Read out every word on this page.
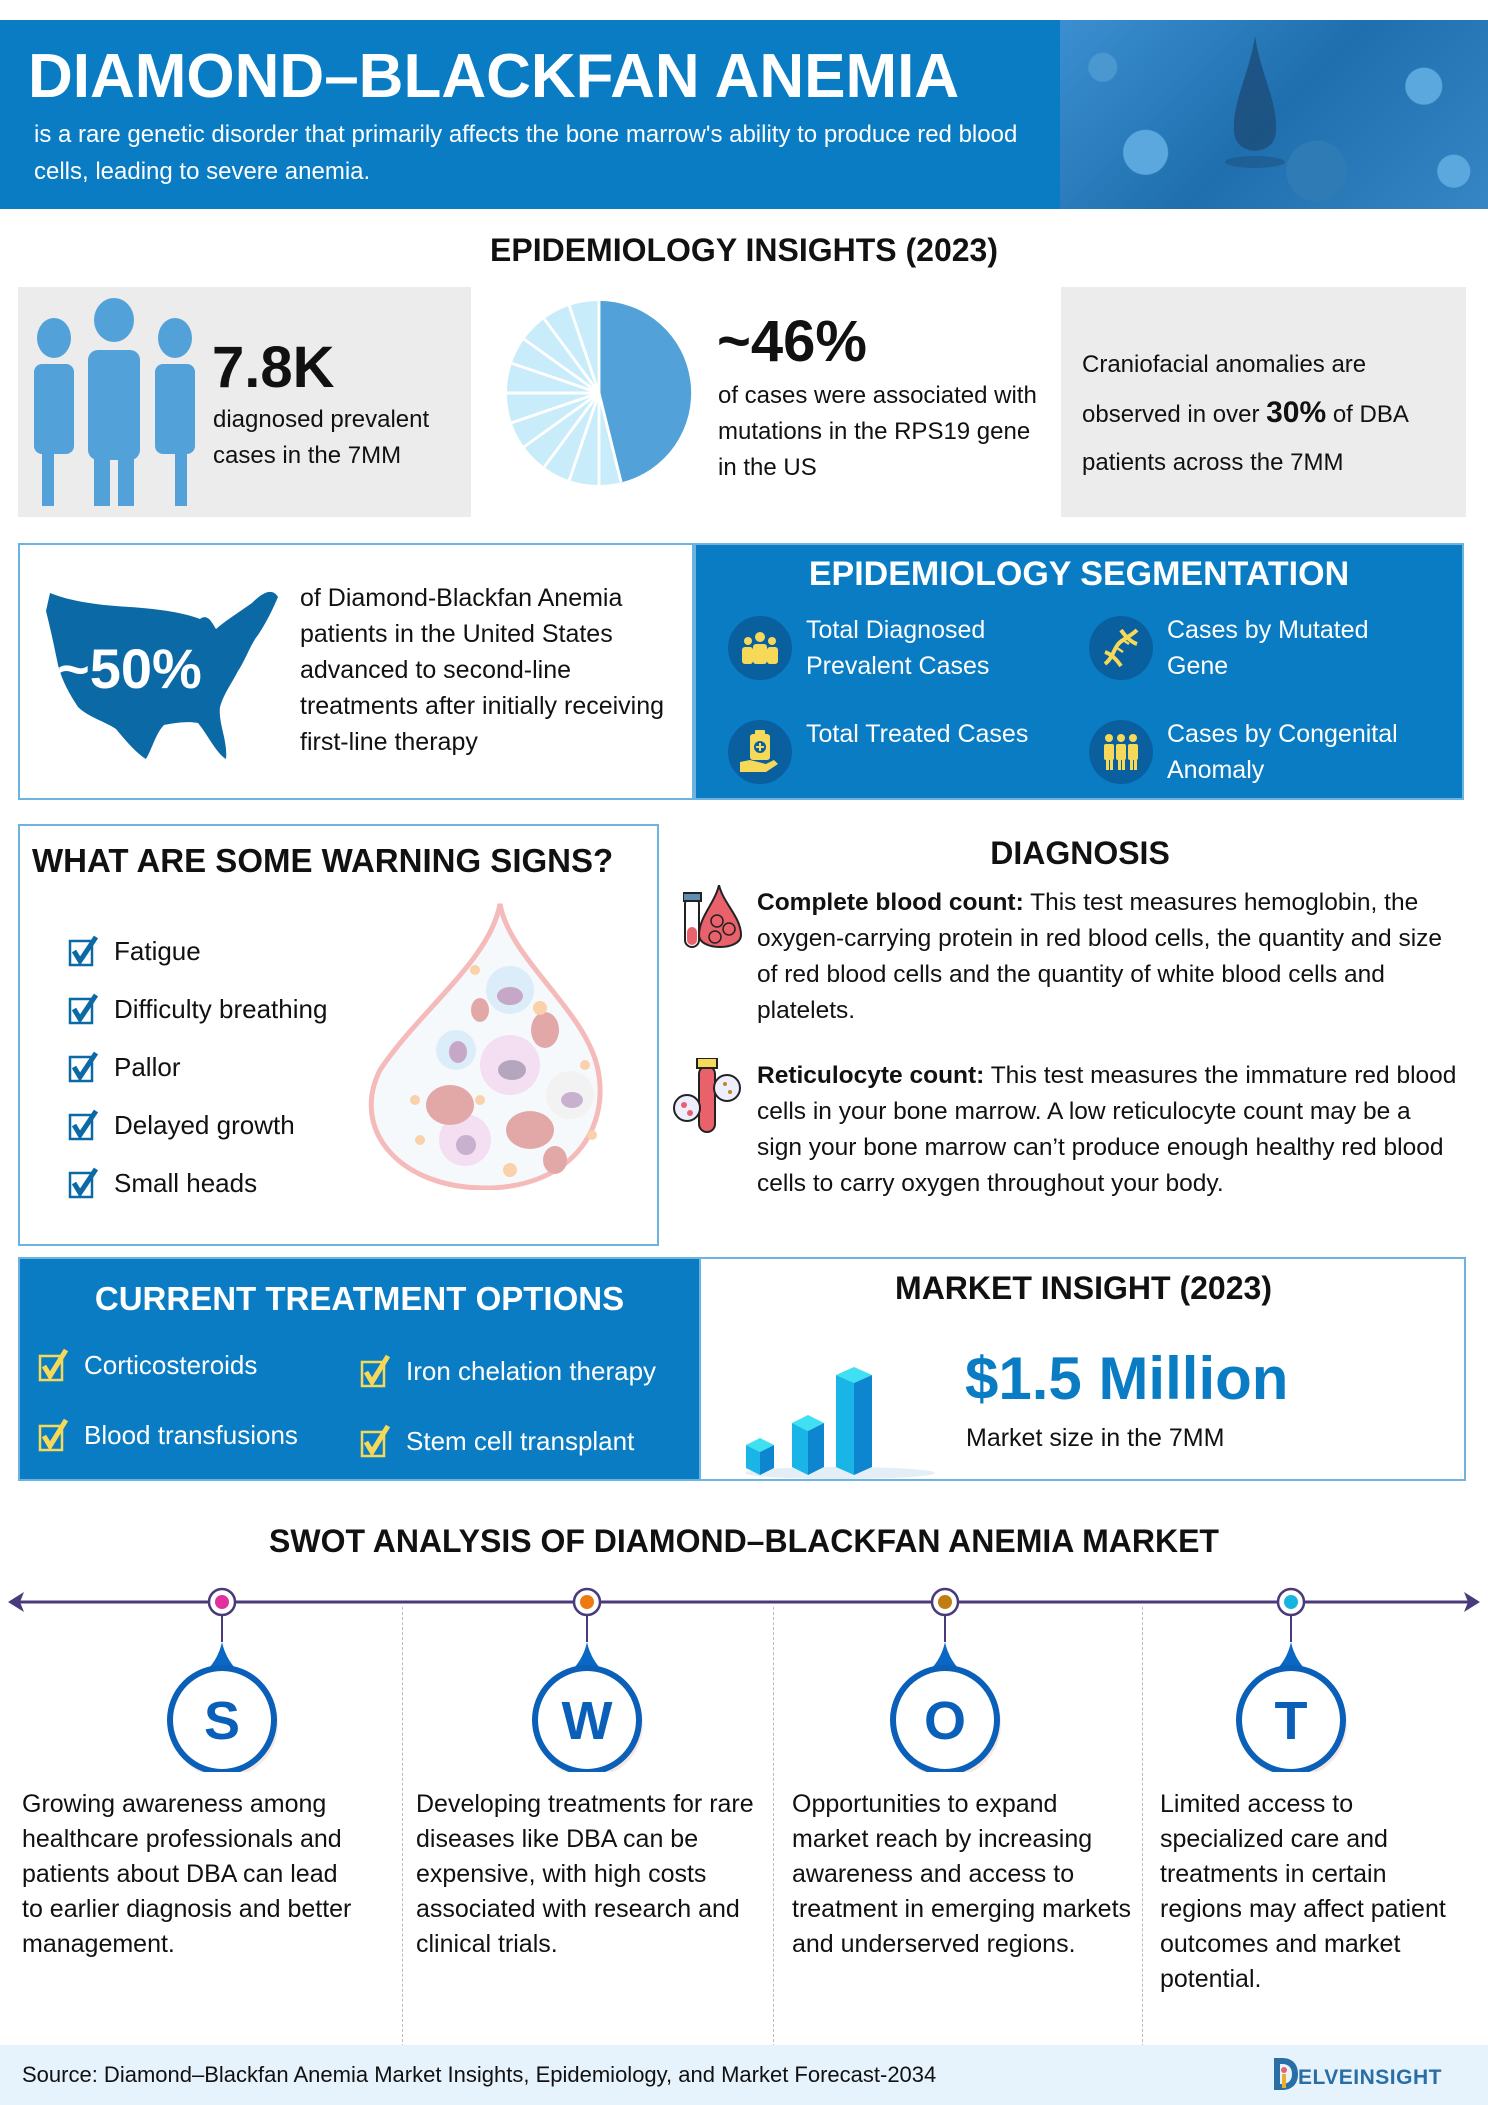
DIAMOND–BLACKFAN ANEMIA
is a rare genetic disorder that primarily affects the bone marrow's ability to produce red blood cells, leading to severe anemia.
EPIDEMIOLOGY INSIGHTS (2023)
7.8K
diagnosed prevalent cases in the 7MM
~46%
of cases were associated with mutations in the RPS19 gene in the US
Craniofacial anomalies are observed in over 30% of DBA patients across the 7MM
~50%
of Diamond-Blackfan Anemia patients in the United States advanced to second-line treatments after initially receiving first-line therapy
EPIDEMIOLOGY SEGMENTATION
Total Diagnosed Prevalent Cases
Cases by Mutated Gene
Total Treated Cases	Cases by Congenital Anomaly
WHAT ARE SOME WARNING SIGNS?
Fatigue
Difficulty breathing
Pallor
Delayed growth
Small heads
DIAGNOSIS
Complete blood count: This test measures hemoglobin, the oxygen-carrying protein in red blood cells, the quantity and size of red blood cells and the quantity of white blood cells and platelets.
Reticulocyte count: This test measures the immature red blood cells in your bone marrow. A low reticulocyte count may be a sign your bone marrow can’t produce enough healthy red blood cells to carry oxygen throughout your body.
CURRENT TREATMENT OPTIONS
Corticosteroids	Iron chelation therapy
Blood transfusions	Stem cell transplant
MARKET INSIGHT (2023)
$1.5 Million
Market size in the 7MM
SWOT ANALYSIS OF DIAMOND–BLACKFAN ANEMIA MARKET
S
Growing awareness among healthcare professionals and patients about DBA can lead to earlier diagnosis and better management.
W
Developing treatments for rare diseases like DBA can be expensive, with high costs associated with research and clinical trials.
O
Opportunities to expand market reach by increasing awareness and access to treatment in emerging markets and underserved regions.
T
Limited access to specialized care and treatments in certain regions may affect patient outcomes and market potential.
Source: Diamond–Blackfan Anemia Market Insights, Epidemiology, and Market Forecast-2034	ELVEINSIGHT
